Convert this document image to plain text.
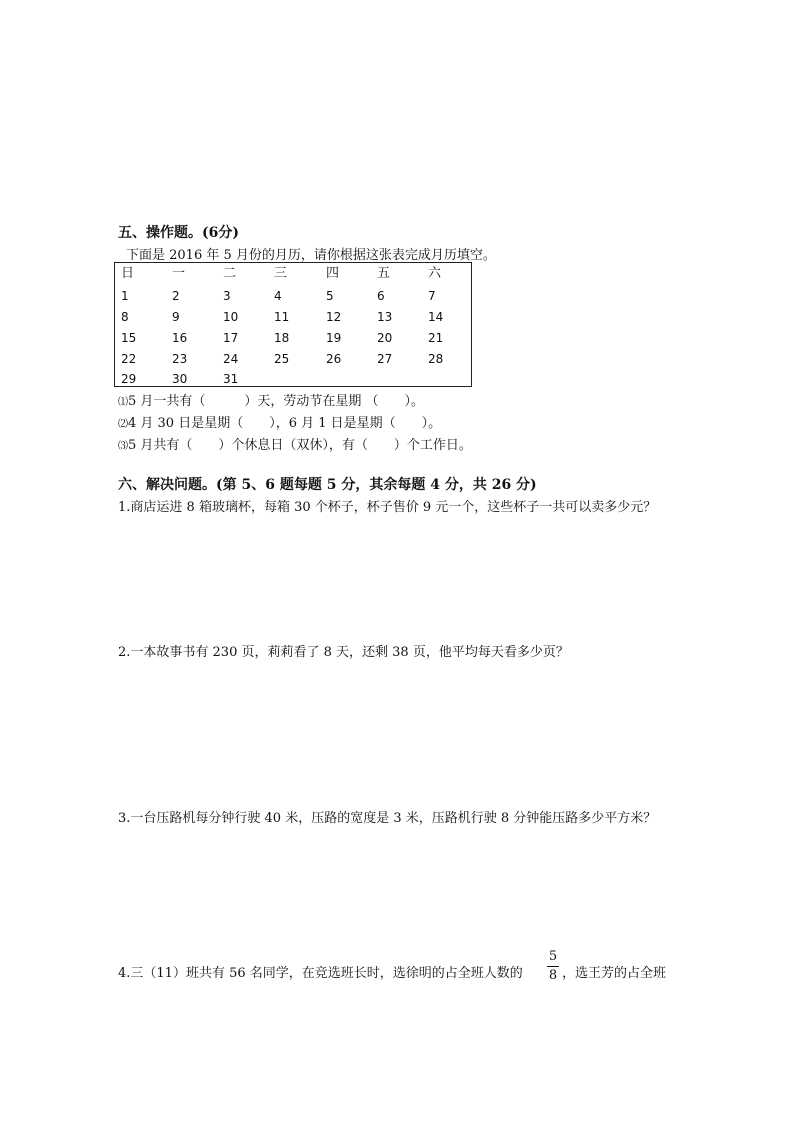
五、操作题。(6分)
下面是 2016 年 5 月份的月历，请你根据这张表完成月历填空。
日	一	二	三	四	五	六
1	2	3	4	5	6	7
8	9	10	11	12	13	14
15	16	17	18	19	20	21
22	23	24	25	26	27	28
29	30	31
⑴5 月一共有（　　　）天，劳动节在星期 （　　）。
⑵4 月 30 日是星期（　　），6 月 1 日是星期（　　）。
⑶5 月共有（　　）个休息日（双休），有（　　）个工作日。
六、解决问题。(第 5、6 题每题 5 分，其余每题 4 分，共 26 分)
1.商店运进 8 箱玻璃杯，每箱 30 个杯子，杯子售价 9 元一个，这些杯子一共可以卖多少元？
2.一本故事书有 230 页，莉莉看了 8 天，还剩 38 页，他平均每天看多少页？
3.一台压路机每分钟行驶 40 米，压路的宽度是 3 米，压路机行驶 8 分钟能压路多少平方米？
4.三（11）班共有 56 名同学，在竞选班长时，选徐明的占全班人数的
5
8 ，选王芳的占全班
